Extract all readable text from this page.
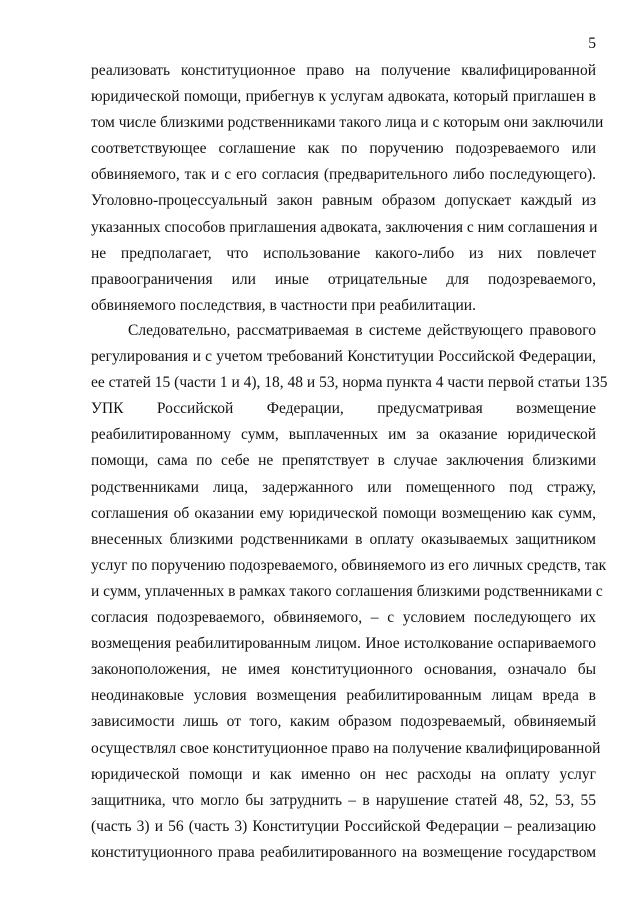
5
реализовать конституционное право на получение квалифицированной
юридической помощи, прибегнув к услугам адвоката, который приглашен в
том числе близкими родственниками такого лица и с которым они заключили
соответствующее соглашение как по поручению подозреваемого или
обвиняемого, так и с его согласия (предварительного либо последующего).
Уголовно-процессуальный закон равным образом допускает каждый из
указанных способов приглашения адвоката, заключения с ним соглашения и
не предполагает, что использование какого-либо из них повлечет
правоограничения или иные отрицательные для подозреваемого,
обвиняемого последствия, в частности при реабилитации.
Следовательно, рассматриваемая в системе действующего правового
регулирования и с учетом требований Конституции Российской Федерации,
ее статей 15 (части 1 и 4), 18, 48 и 53, норма пункта 4 части первой статьи 135
УПК Российской Федерации, предусматривая возмещение
реабилитированному сумм, выплаченных им за оказание юридической
помощи, сама по себе не препятствует в случае заключения близкими
родственниками лица, задержанного или помещенного под стражу,
соглашения об оказании ему юридической помощи возмещению как сумм,
внесенных близкими родственниками в оплату оказываемых защитником
услуг по поручению подозреваемого, обвиняемого из его личных средств, так
и сумм, уплаченных в рамках такого соглашения близкими родственниками с
согласия подозреваемого, обвиняемого, – с условием последующего их
возмещения реабилитированным лицом. Иное истолкование оспариваемого
законоположения, не имея конституционного основания, означало бы
неодинаковые условия возмещения реабилитированным лицам вреда в
зависимости лишь от того, каким образом подозреваемый, обвиняемый
осуществлял свое конституционное право на получение квалифицированной
юридической помощи и как именно он нес расходы на оплату услуг
защитника, что могло бы затруднить – в нарушение статей 48, 52, 53, 55
(часть 3) и 56 (часть 3) Конституции Российской Федерации – реализацию
конституционного права реабилитированного на возмещение государством
